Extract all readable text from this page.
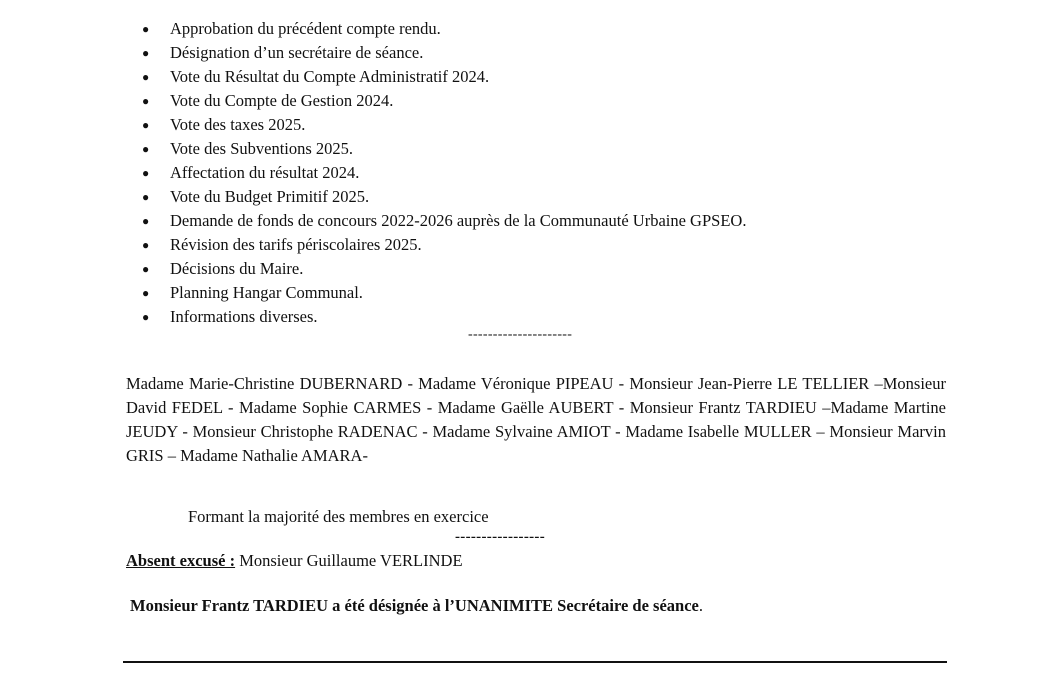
● Approbation du précédent compte rendu.
● Désignation d’un secrétaire de séance.
● Vote du Résultat du Compte Administratif 2024.
● Vote du Compte de Gestion 2024.
● Vote des taxes 2025.
● Vote des Subventions 2025.
● Affectation du résultat 2024.
● Vote du Budget Primitif 2025.
● Demande de fonds de concours 2022-2026 auprès de la Communauté Urbaine GPSEO.
● Révision des tarifs périscolaires 2025.
● Décisions du Maire.
● Planning Hangar Communal.
● Informations diverses.
---------------------
Madame Marie-Christine DUBERNARD - Madame Véronique PIPEAU - Monsieur Jean-Pierre LE TELLIER –Monsieur David FEDEL - Madame Sophie CARMES - Madame Gaëlle AUBERT - Monsieur Frantz TARDIEU –Madame Martine JEUDY - Monsieur Christophe RADENAC - Madame Sylvaine AMIOT - Madame Isabelle MULLER – Monsieur Marvin GRIS – Madame Nathalie AMARA-
Formant la majorité des membres en exercice
-----------------
Absent excusé : Monsieur Guillaume VERLINDE
Monsieur Frantz TARDIEU a été désignée à l’UNANIMITE Secrétaire de séance.
